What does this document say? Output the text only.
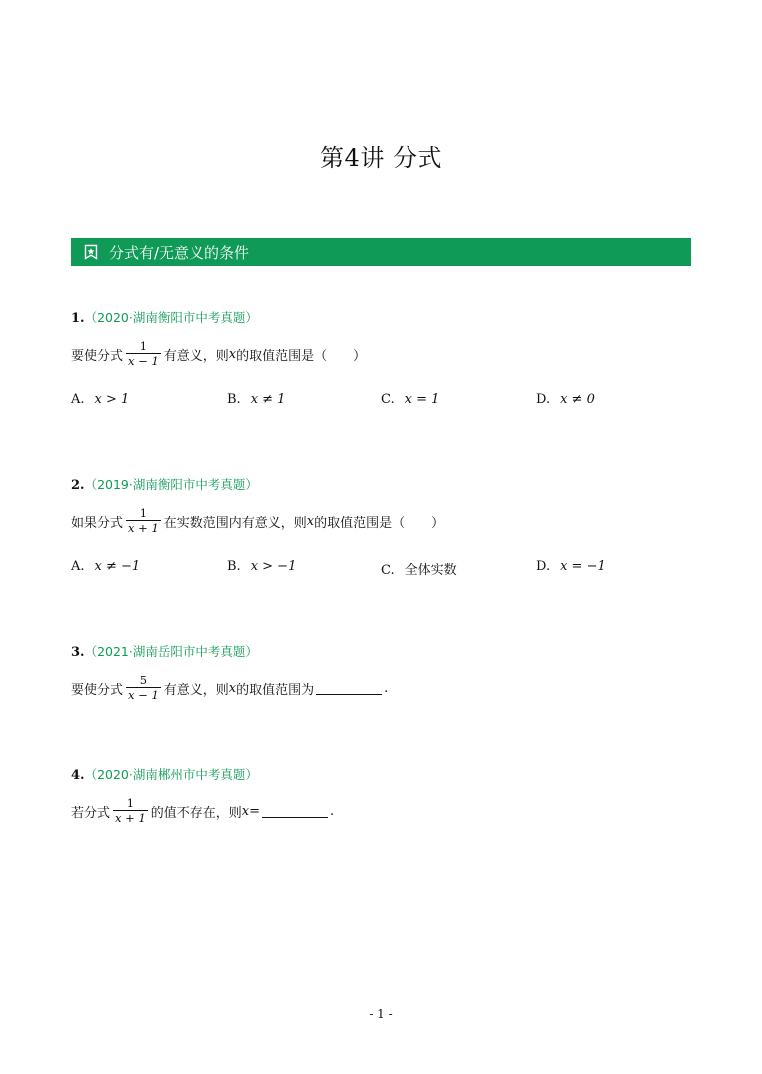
第4讲 分式
分式有/无意义的条件
1.（2020·湖南衡阳市中考真题）
要使分式 $\frac{1}{x - 1}$ 有意义，则 x 的取值范围是（　　）
A. x > 1	B. x ≠ 1	C. x = 1	D. x ≠ 0
2.（2019·湖南衡阳市中考真题）
如果分式 $\frac{1}{x + 1}$ 在实数范围内有意义，则 x 的取值范围是（　　）
A. x ≠ −1	B. x > −1	C. 全体实数	D. x = −1
3.（2021·湖南岳阳市中考真题）
要使分式 $\frac{5}{x - 1}$ 有意义，则 x 的取值范围为	.
4.（2020·湖南郴州市中考真题）
若分式 $\frac{1}{x + 1}$ 的值不存在，则 x =	.
- 1 -
